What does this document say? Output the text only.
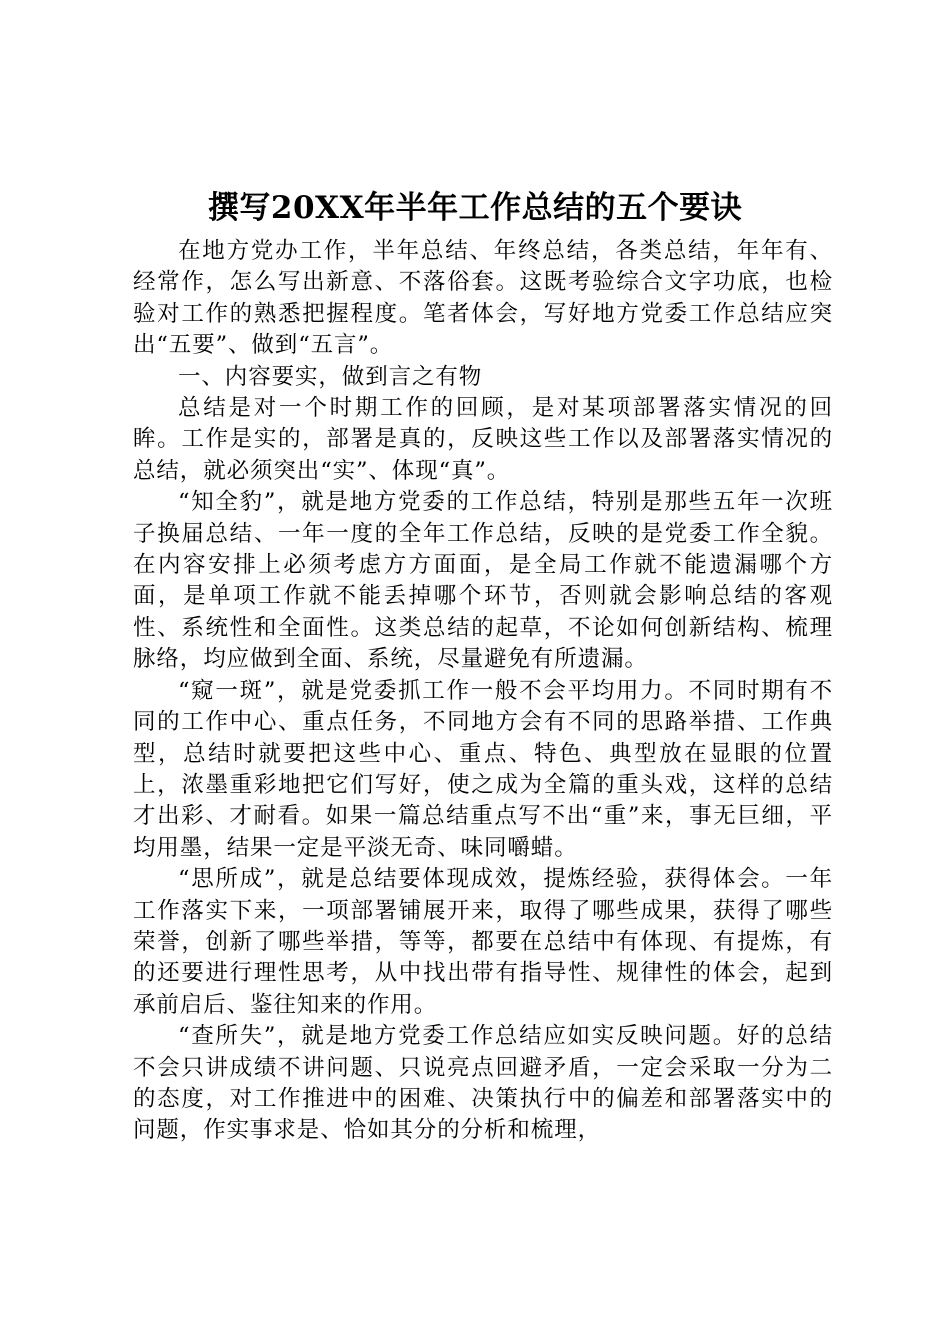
撰写20XX年半年工作总结的五个要诀

在地方党办工作，半年总结、年终总结，各类总结，年年有、经常作，怎么写出新意、不落俗套。这既考验综合文字功底，也检验对工作的熟悉把握程度。笔者体会，写好地方党委工作总结应突出“五要”、做到“五言”。

一、内容要实，做到言之有物

总结是对一个时期工作的回顾，是对某项部署落实情况的回眸。工作是实的，部署是真的，反映这些工作以及部署落实情况的总结，就必须突出“实”、体现“真”。

“知全豹”，就是地方党委的工作总结，特别是那些五年一次班子换届总结、一年一度的全年工作总结，反映的是党委工作全貌。在内容安排上必须考虑方方面面，是全局工作就不能遗漏哪个方面，是单项工作就不能丢掉哪个环节，否则就会影响总结的客观性、系统性和全面性。这类总结的起草，不论如何创新结构、梳理脉络，均应做到全面、系统，尽量避免有所遗漏。

“窥一斑”，就是党委抓工作一般不会平均用力。不同时期有不同的工作中心、重点任务，不同地方会有不同的思路举措、工作典型，总结时就要把这些中心、重点、特色、典型放在显眼的位置上，浓墨重彩地把它们写好，使之成为全篇的重头戏，这样的总结才出彩、才耐看。如果一篇总结重点写不出“重”来，事无巨细，平均用墨，结果一定是平淡无奇、味同嚼蜡。

“思所成”，就是总结要体现成效，提炼经验，获得体会。一年工作落实下来，一项部署铺展开来，取得了哪些成果，获得了哪些荣誉，创新了哪些举措，等等，都要在总结中有体现、有提炼，有的还要进行理性思考，从中找出带有指导性、规律性的体会，起到承前启后、鉴往知来的作用。

“查所失”，就是地方党委工作总结应如实反映问题。好的总结不会只讲成绩不讲问题、只说亮点回避矛盾，一定会采取一分为二的态度，对工作推进中的困难、决策执行中的偏差和部署落实中的问题，作实事求是、恰如其分的分析和梳理，
